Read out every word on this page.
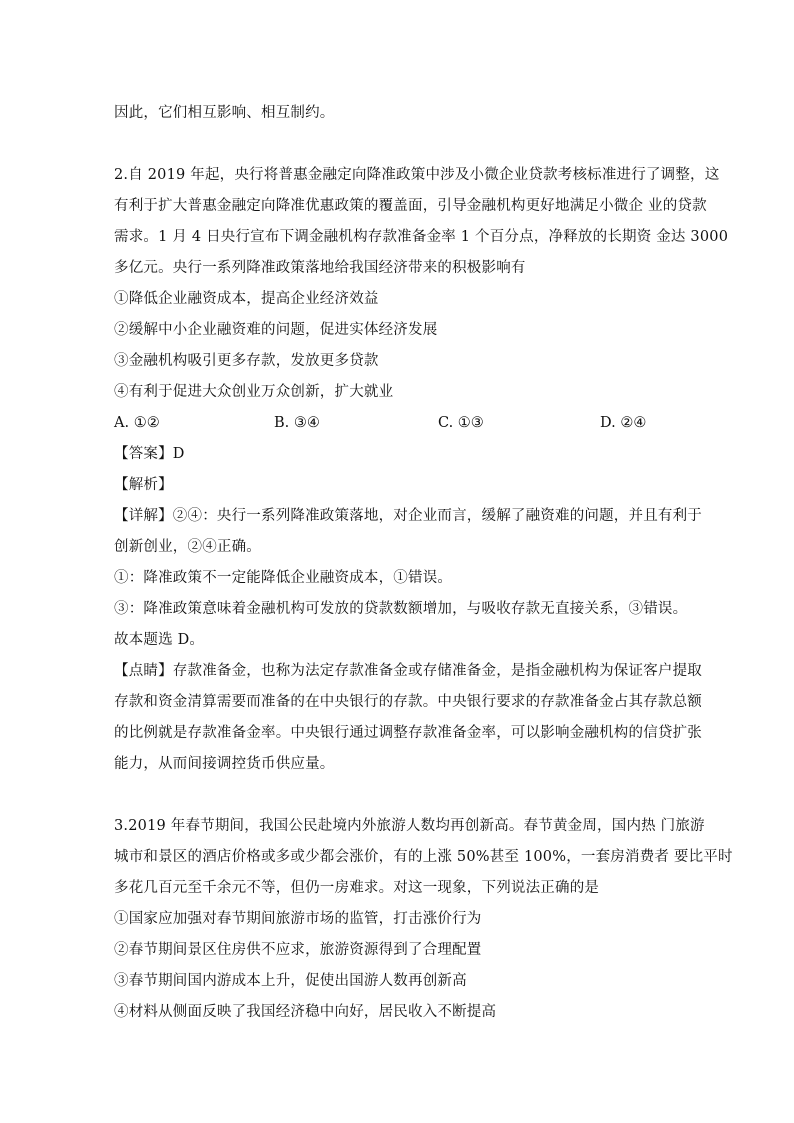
因此，它们相互影响、相互制约。
2.自 2019 年起，央行将普惠金融定向降准政策中涉及小微企业贷款考核标准进行了调整，这
有利于扩大普惠金融定向降准优惠政策的覆盖面，引导金融机构更好地满足小微企 业的贷款
需求。1 月 4 日央行宣布下调金融机构存款准备金率 1 个百分点，净释放的长期资 金达 3000
多亿元。央行一系列降准政策落地给我国经济带来的积极影响有
①降低企业融资成本，提高企业经济效益
②缓解中小企业融资难的问题，促进实体经济发展
③金融机构吸引更多存款，发放更多贷款
④有利于促进大众创业万众创新，扩大就业
A. ①②	B. ③④	C. ①③	D. ②④
【答案】D
【解析】
【详解】②④：央行一系列降准政策落地，对企业而言，缓解了融资难的问题，并且有利于
创新创业，②④正确。
①：降准政策不一定能降低企业融资成本，①错误。
③：降准政策意味着金融机构可发放的贷款数额增加，与吸收存款无直接关系，③错误。
故本题选 D。
【点睛】存款准备金，也称为法定存款准备金或存储准备金，是指金融机构为保证客户提取
存款和资金清算需要而准备的在中央银行的存款。中央银行要求的存款准备金占其存款总额
的比例就是存款准备金率。中央银行通过调整存款准备金率，可以影响金融机构的信贷扩张
能力，从而间接调控货币供应量。
3.2019 年春节期间，我国公民赴境内外旅游人数均再创新高。春节黄金周，国内热 门旅游
城市和景区的酒店价格或多或少都会涨价，有的上涨 50%甚至 100%，一套房消费者 要比平时
多花几百元至千余元不等，但仍一房难求。对这一现象，下列说法正确的是
①国家应加强对春节期间旅游市场的监管，打击涨价行为
②春节期间景区住房供不应求，旅游资源得到了合理配置
③春节期间国内游成本上升，促使出国游人数再创新高
④材料从侧面反映了我国经济稳中向好，居民收入不断提高
